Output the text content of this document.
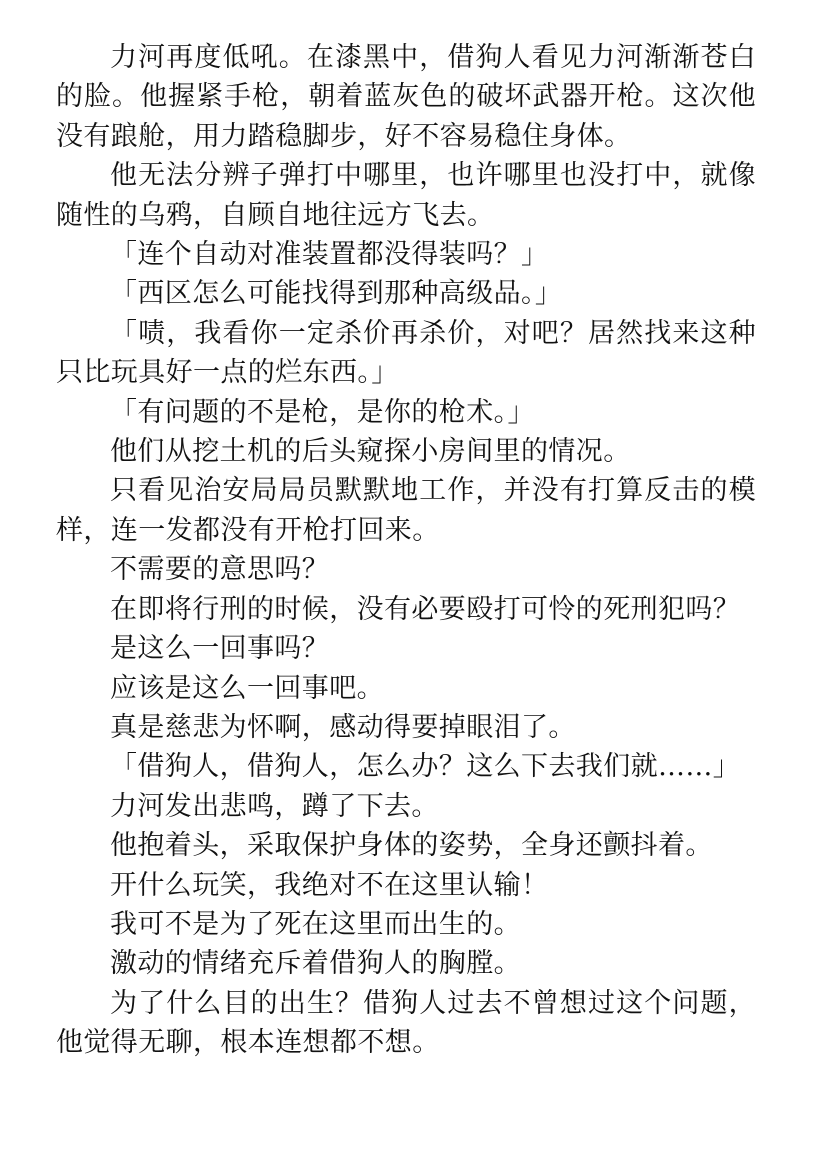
力河再度低吼。在漆黑中，借狗人看见力河渐渐苍白的脸。他握紧手枪，朝着蓝灰色的破坏武器开枪。这次他没有踉舱，用力踏稳脚步，好不容易稳住身体。

他无法分辨子弹打中哪里，也许哪里也没打中，就像随性的乌鸦，自顾自地往远方飞去。

「连个自动对准装置都没得装吗？」

「西区怎么可能找得到那种高级品。」

「啧，我看你一定杀价再杀价，对吧？居然找来这种只比玩具好一点的烂东西。」

「有问题的不是枪，是你的枪术。」

他们从挖土机的后头窥探小房间里的情况。

只看见治安局局员默默地工作，并没有打算反击的模样，连一发都没有开枪打回来。

不需要的意思吗？

在即将行刑的时候，没有必要殴打可怜的死刑犯吗？

是这么一回事吗？

应该是这么一回事吧。

真是慈悲为怀啊，感动得要掉眼泪了。

「借狗人，借狗人，怎么办？这么下去我们就……」

力河发出悲鸣，蹲了下去。

他抱着头，采取保护身体的姿势，全身还颤抖着。

开什么玩笑，我绝对不在这里认输！

我可不是为了死在这里而出生的。

激动的情绪充斥着借狗人的胸膛。

为了什么目的出生？借狗人过去不曾想过这个问题，他觉得无聊，根本连想都不想。
